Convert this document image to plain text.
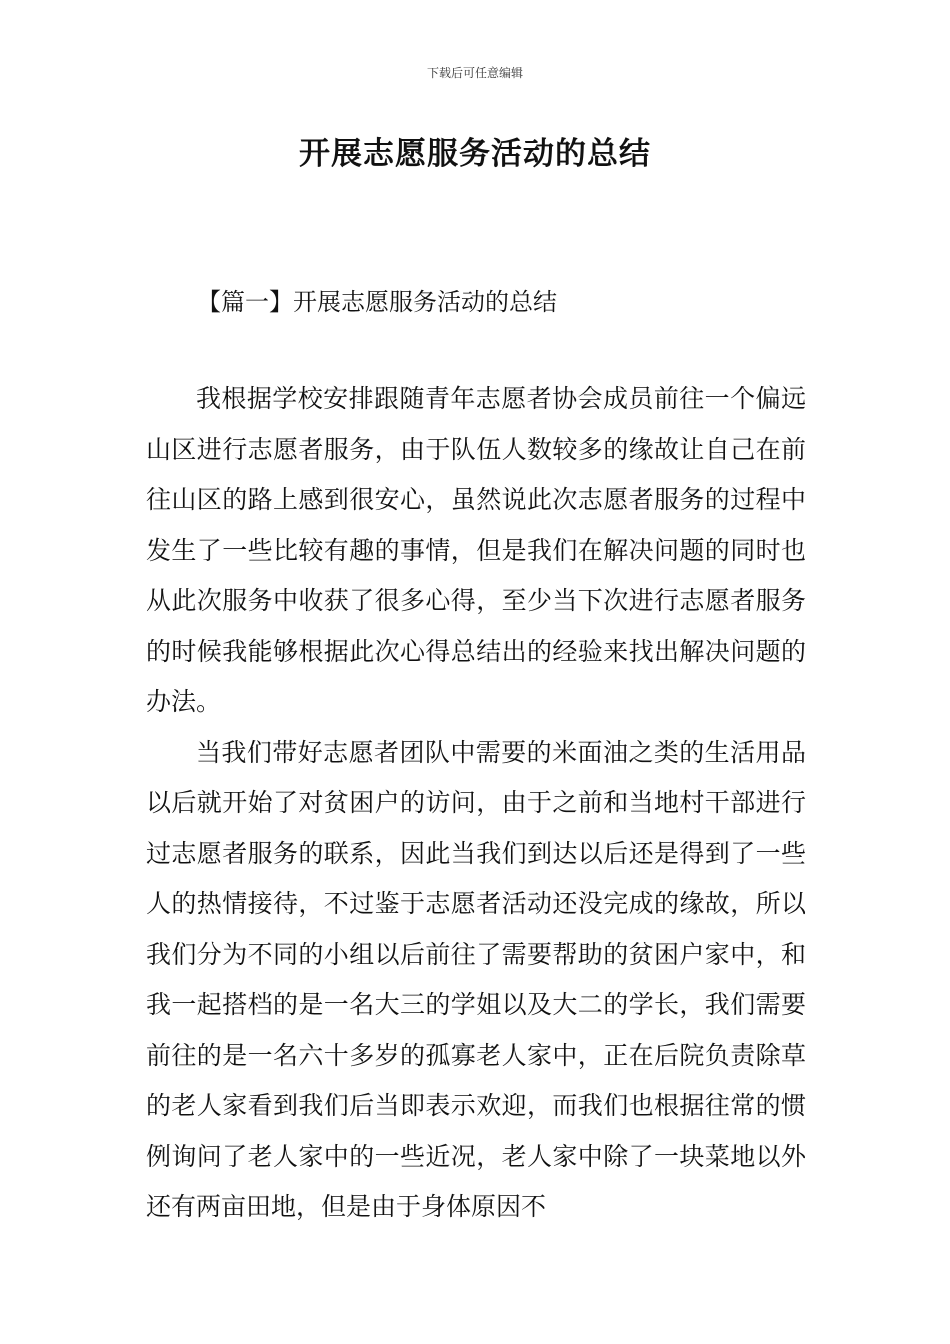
下载后可任意编辑
开展志愿服务活动的总结
【篇一】开展志愿服务活动的总结

我根据学校安排跟随青年志愿者协会成员前往一个偏远山区进行志愿者服务，由于队伍人数较多的缘故让自己在前往山区的路上感到很安心，虽然说此次志愿者服务的过程中发生了一些比较有趣的事情，但是我们在解决问题的同时也从此次服务中收获了很多心得，至少当下次进行志愿者服务的时候我能够根据此次心得总结出的经验来找出解决问题的办法。

当我们带好志愿者团队中需要的米面油之类的生活用品以后就开始了对贫困户的访问，由于之前和当地村干部进行过志愿者服务的联系，因此当我们到达以后还是得到了一些人的热情接待，不过鉴于志愿者活动还没完成的缘故，所以我们分为不同的小组以后前往了需要帮助的贫困户家中，和我一起搭档的是一名大三的学姐以及大二的学长，我们需要前往的是一名六十多岁的孤寡老人家中，正在后院负责除草的老人家看到我们后当即表示欢迎，而我们也根据往常的惯例询问了老人家中的一些近况，老人家中除了一块菜地以外还有两亩田地，但是由于身体原因不
